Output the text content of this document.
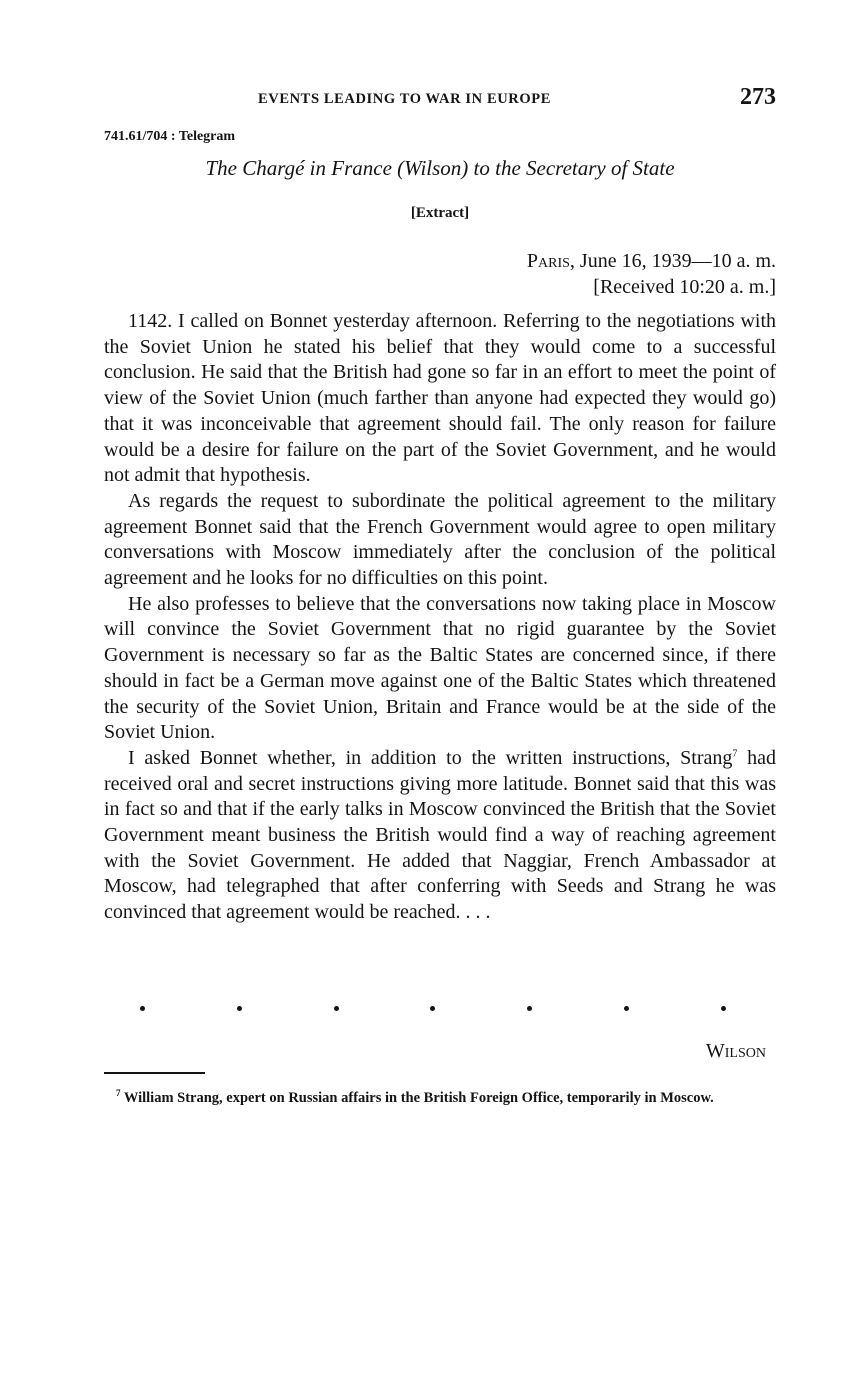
EVENTS LEADING TO WAR IN EUROPE	273
741.61/704 : Telegram
The Chargé in France (Wilson) to the Secretary of State
[Extract]
Paris, June 16, 1939—10 a. m.
[Received 10:20 a. m.]

1142. I called on Bonnet yesterday afternoon. Referring to the negotiations with the Soviet Union he stated his belief that they would come to a successful conclusion. He said that the British had gone so far in an effort to meet the point of view of the Soviet Union (much farther than anyone had expected they would go) that it was inconceivable that agreement should fail. The only reason for failure would be a desire for failure on the part of the Soviet Government, and he would not admit that hypothesis.

As regards the request to subordinate the political agreement to the military agreement Bonnet said that the French Government would agree to open military conversations with Moscow immediately after the conclusion of the political agreement and he looks for no difficulties on this point.

He also professes to believe that the conversations now taking place in Moscow will convince the Soviet Government that no rigid guarantee by the Soviet Government is necessary so far as the Baltic States are concerned since, if there should in fact be a German move against one of the Baltic States which threatened the security of the Soviet Union, Britain and France would be at the side of the Soviet Union.

I asked Bonnet whether, in addition to the written instructions, Strang$^7$ had received oral and secret instructions giving more latitude. Bonnet said that this was in fact so and that if the early talks in Moscow convinced the British that the Soviet Government meant business the British would find a way of reaching agreement with the Soviet Government. He added that Naggiar, French Ambassador at Moscow, had telegraphed that after conferring with Seeds and Strang he was convinced that agreement would be reached. . . .

Wilson
$^7$ William Strang, expert on Russian affairs in the British Foreign Office, temporarily in Moscow.
